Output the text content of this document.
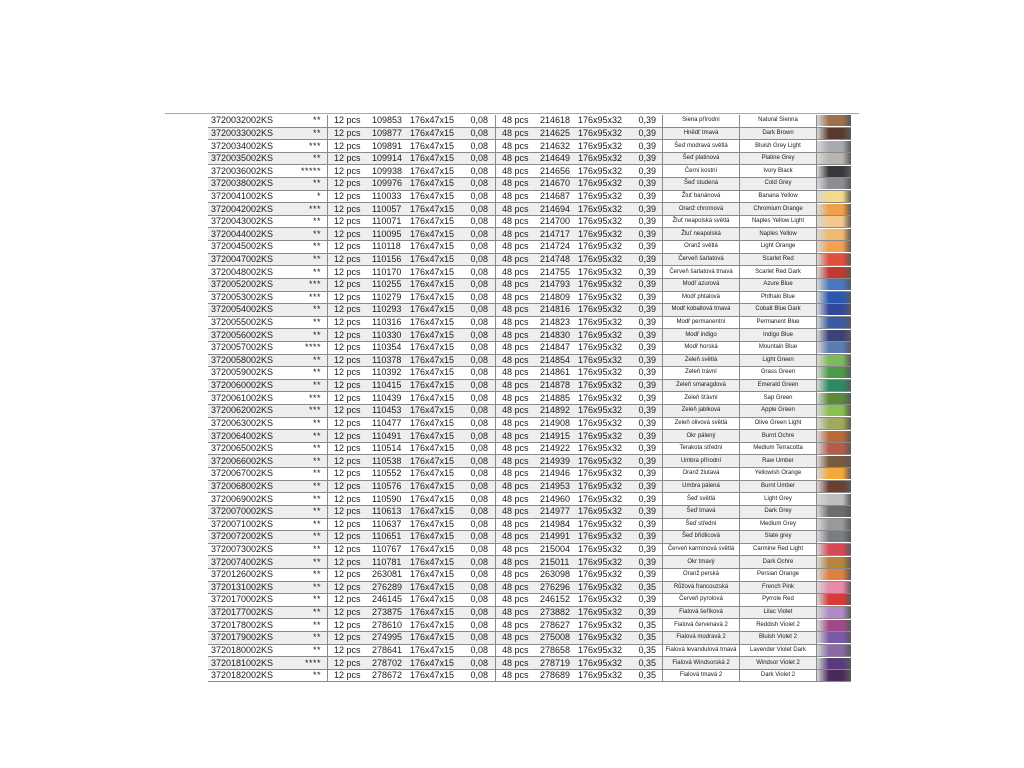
3720032002KS	**	12 pcs	109853	176x47x15	0,08	48 pcs	214618	176x95x32	0,39	Siena přírodní	Natural Sienna	

3720033002KS	**	12 pcs	109877	176x47x15	0,08	48 pcs	214625	176x95x32	0,39	Hnědť tmavá	Dark Brown	

3720034002KS	***	12 pcs	109891	176x47x15	0,08	48 pcs	214632	176x95x32	0,39	Šeď modravá světlá	Bluish Grey Light	

3720035002KS	**	12 pcs	109914	176x47x15	0,08	48 pcs	214649	176x95x32	0,39	Šeď platinová	Platine Grey	

3720036002KS	*****	12 pcs	109938	176x47x15	0,08	48 pcs	214656	176x95x32	0,39	Černí kostní	Ivory Black	

3720038002KS	**	12 pcs	109976	176x47x15	0,08	48 pcs	214670	176x95x32	0,39	Šeď studená	Cold Grey	

3720041002KS	*	12 pcs	110033	176x47x15	0,08	48 pcs	214687	176x95x32	0,39	Žluť banánová	Banana Yellow	

3720042002KS	***	12 pcs	110057	176x47x15	0,08	48 pcs	214694	176x95x32	0,39	Oranž chromová	Chromium Orange	

3720043002KS	**	12 pcs	110071	176x47x15	0,08	48 pcs	214700	176x95x32	0,39	Žluť neapolská světlá	Naples Yellow Light	

3720044002KS	**	12 pcs	110095	176x47x15	0,08	48 pcs	214717	176x95x32	0,39	Žluť neapolská	Naples Yellow	

3720045002KS	**	12 pcs	110118	176x47x15	0,08	48 pcs	214724	176x95x32	0,39	Oranž světlá	Light Orange	

3720047002KS	**	12 pcs	110156	176x47x15	0,08	48 pcs	214748	176x95x32	0,39	Červeň šarlatová	Scarlet Red	

3720048002KS	**	12 pcs	110170	176x47x15	0,08	48 pcs	214755	176x95x32	0,39	Červeň šarlatová tmavá	Scarlet Red Dark	

3720052002KS	***	12 pcs	110255	176x47x15	0,08	48 pcs	214793	176x95x32	0,39	Modř azurová	Azure Blue	

3720053002KS	***	12 pcs	110279	176x47x15	0,08	48 pcs	214809	176x95x32	0,39	Modř phtalová	Phthalo Blue	

3720054002KS	**	12 pcs	110293	176x47x15	0,08	48 pcs	214816	176x95x32	0,39	Modř kobaltová tmavá	Cobalt Blue Dark	

3720055002KS	**	12 pcs	110316	176x47x15	0,08	48 pcs	214823	176x95x32	0,39	Modř permanentní	Permanent Blue	

3720056002KS	**	12 pcs	110330	176x47x15	0,08	48 pcs	214830	176x95x32	0,39	Modř indigo	Indigo Blue	

3720057002KS	****	12 pcs	110354	176x47x15	0,08	48 pcs	214847	176x95x32	0,39	Modř horská	Mountain Blue	

3720058002KS	**	12 pcs	110378	176x47x15	0,08	48 pcs	214854	176x95x32	0,39	Zeleň světlá	Light Green	

3720059002KS	**	12 pcs	110392	176x47x15	0,08	48 pcs	214861	176x95x32	0,39	Zeleň trávní	Grass Green	

3720060002KS	**	12 pcs	110415	176x47x15	0,08	48 pcs	214878	176x95x32	0,39	Zeleň smaragdová	Emerald Green	

3720061002KS	***	12 pcs	110439	176x47x15	0,08	48 pcs	214885	176x95x32	0,39	Zeleň šťávní	Sap Green	

3720062002KS	***	12 pcs	110453	176x47x15	0,08	48 pcs	214892	176x95x32	0,39	Zeleň jablková	Apple Green	

3720063002KS	**	12 pcs	110477	176x47x15	0,08	48 pcs	214908	176x95x32	0,39	Zeleň olivová světlá	Olive Green Light	

3720064002KS	**	12 pcs	110491	176x47x15	0,08	48 pcs	214915	176x95x32	0,39	Okr pálený	Burnt Ochre	

3720065002KS	**	12 pcs	110514	176x47x15	0,08	48 pcs	214922	176x95x32	0,39	Terakota střední	Medium Terracotta	

3720066002KS	**	12 pcs	110538	176x47x15	0,08	48 pcs	214939	176x95x32	0,39	Umbra přírodní	Raw Umber	

3720067002KS	**	12 pcs	110552	176x47x15	0,08	48 pcs	214946	176x95x32	0,39	Oranž žlutavá	Yellowish Orange	

3720068002KS	**	12 pcs	110576	176x47x15	0,08	48 pcs	214953	176x95x32	0,39	Umbra pálená	Burnt Umber	

3720069002KS	**	12 pcs	110590	176x47x15	0,08	48 pcs	214960	176x95x32	0,39	Šeď světlá	Light Grey	

3720070002KS	**	12 pcs	110613	176x47x15	0,08	48 pcs	214977	176x95x32	0,39	Šeď tmavá	Dark Grey	

3720071002KS	**	12 pcs	110637	176x47x15	0,08	48 pcs	214984	176x95x32	0,39	Šeď střední	Medium Grey	

3720072002KS	**	12 pcs	110651	176x47x15	0,08	48 pcs	214991	176x95x32	0,39	Šeď břidlicová	Slate grey	

3720073002KS	**	12 pcs	110767	176x47x15	0,08	48 pcs	215004	176x95x32	0,39	Červeň karmínová světlá	Carmine Red Light	

3720074002KS	**	12 pcs	110781	176x47x15	0,08	48 pcs	215011	176x95x32	0,39	Okr tmavý	Dark Ochre	

3720126002KS	**	12 pcs	263081	176x47x15	0,08	48 pcs	263098	176x95x32	0,39	Oranž perská	Persian Orange	

3720131002KS	**	12 pcs	276289	176x47x15	0,08	48 pcs	276296	176x95x32	0,35	Růžová francouzská	French Pink	

3720170002KS	**	12 pcs	246145	176x47x15	0,08	48 pcs	246152	176x95x32	0,39	Červeň pyrolová	Pyrrole Red	

3720177002KS	**	12 pcs	273875	176x47x15	0,08	48 pcs	273882	176x95x32	0,39	Fialová šeříková	Lilac Violet	

3720178002KS	**	12 pcs	278610	176x47x15	0,08	48 pcs	278627	176x95x32	0,35	Fialová červenavá 2	Reddish Violet 2	

3720179002KS	**	12 pcs	274995	176x47x15	0,08	48 pcs	275008	176x95x32	0,35	Fialová modravá 2	Bluish Violet 2	

3720180002KS	**	12 pcs	278641	176x47x15	0,08	48 pcs	278658	176x95x32	0,35	Fialová levandulová tmavá	Lavender Violet Dark	

3720181002KS	****	12 pcs	278702	176x47x15	0,08	48 pcs	278719	176x95x32	0,35	Fialová Windsorská 2	Windsor Violet 2	

3720182002KS	**	12 pcs	278672	176x47x15	0,08	48 pcs	278689	176x95x32	0,35	Fialová tmavá 2	Dark Violet 2	
